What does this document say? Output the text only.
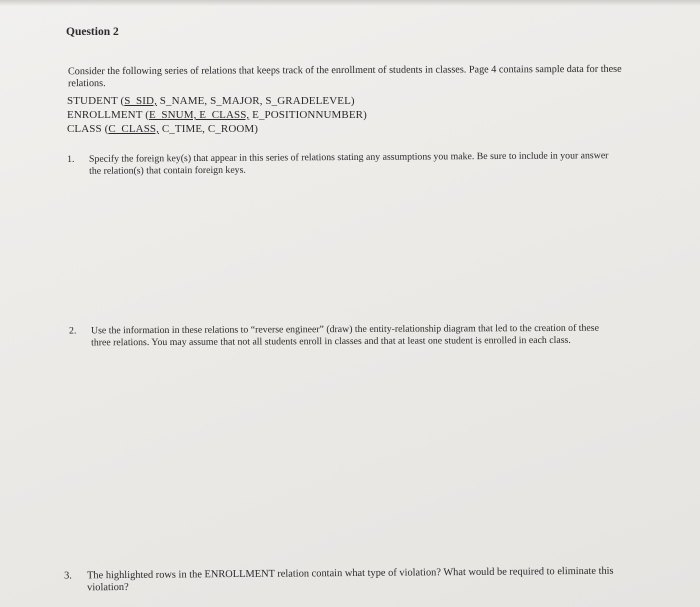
Question 2
Consider the following series of relations that keeps track of the enrollment of students in classes. Page 4 contains sample data for these relations.
STUDENT (S_SID, S_NAME, S_MAJOR, S_GRADELEVEL)
ENROLLMENT (E_SNUM, E_CLASS, E_POSITIONNUMBER)
CLASS (C_CLASS, C_TIME, C_ROOM)
1. Specify the foreign key(s) that appear in this series of relations stating any assumptions you make. Be sure to include in your answer the relation(s) that contain foreign keys.
2. Use the information in these relations to “reverse engineer” (draw) the entity-relationship diagram that led to the creation of these three relations. You may assume that not all students enroll in classes and that at least one student is enrolled in each class.
3. The highlighted rows in the ENROLLMENT relation contain what type of violation? What would be required to eliminate this violation?
